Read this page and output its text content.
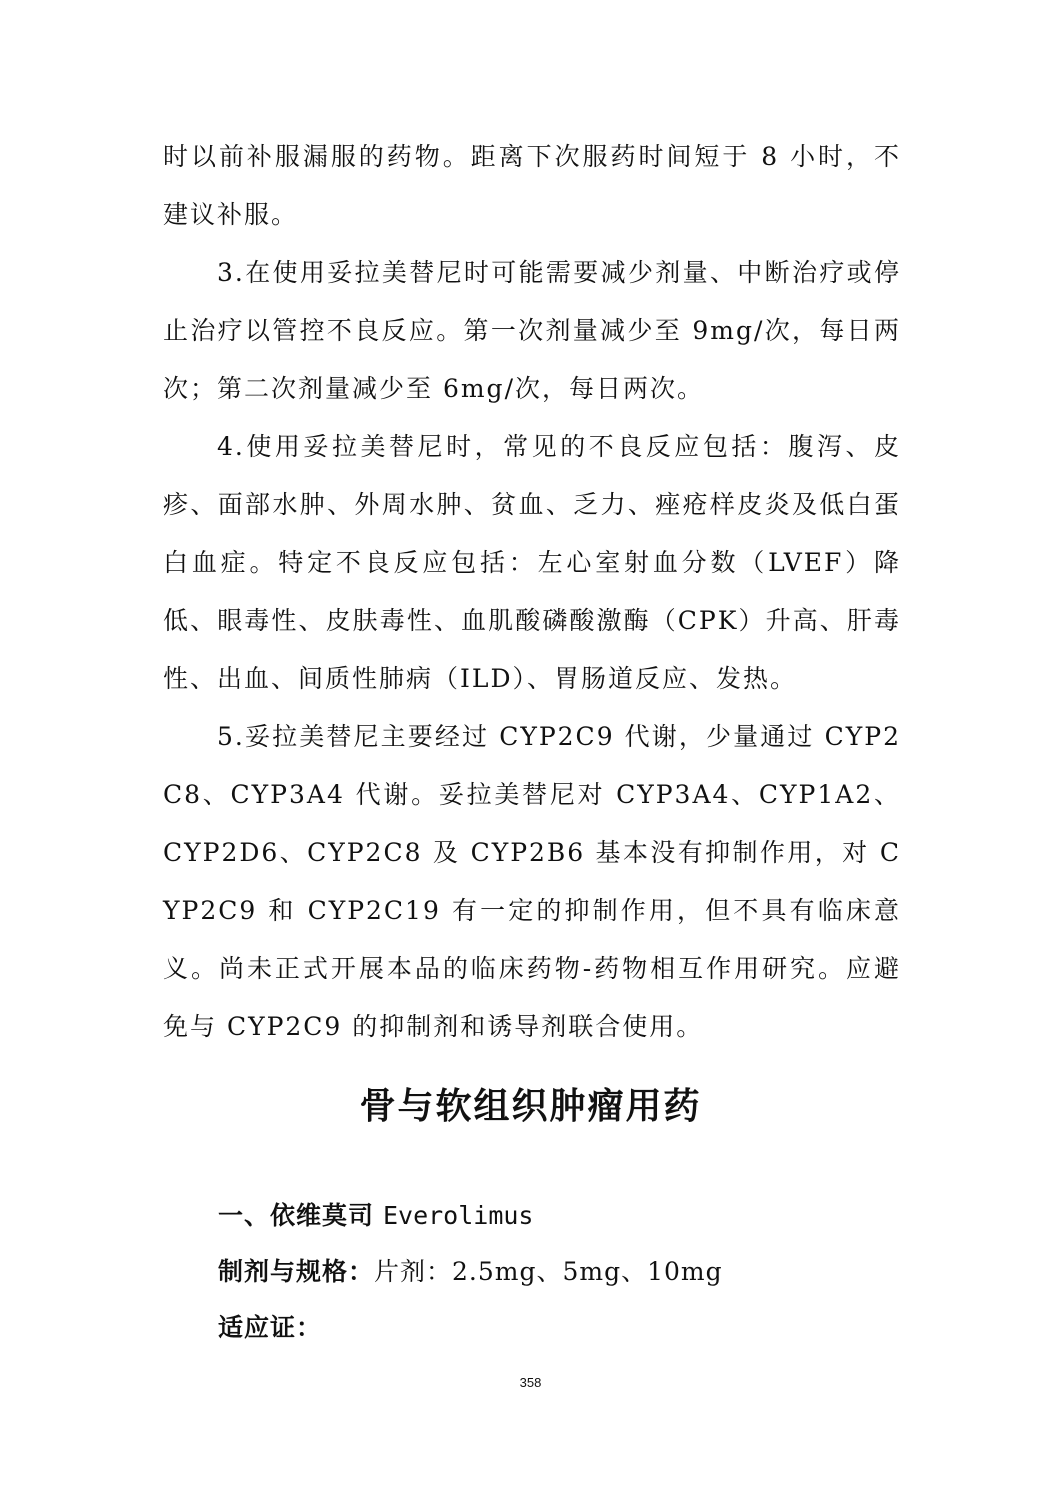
时以前补服漏服的药物。距离下次服药时间短于 8 小时，不建议补服。

3.在使用妥拉美替尼时可能需要减少剂量、中断治疗或停止治疗以管控不良反应。第一次剂量减少至 9mg/次，每日两次；第二次剂量减少至 6mg/次，每日两次。

4.使用妥拉美替尼时，常见的不良反应包括：腹泻、皮疹、面部水肿、外周水肿、贫血、乏力、痤疮样皮炎及低白蛋白血症。特定不良反应包括：左心室射血分数（LVEF）降低、眼毒性、皮肤毒性、血肌酸磷酸激酶（CPK）升高、肝毒性、出血、间质性肺病（ILD）、胃肠道反应、发热。

5.妥拉美替尼主要经过 CYP2C9 代谢，少量通过 CYP2C8、CYP3A4 代谢。妥拉美替尼对 CYP3A4、CYP1A2、CYP2D6、CYP2C8 及 CYP2B6 基本没有抑制作用，对 CYP2C9 和 CYP2C19 有一定的抑制作用，但不具有临床意义。尚未正式开展本品的临床药物-药物相互作用研究。应避免与 CYP2C9 的抑制剂和诱导剂联合使用。

骨与软组织肿瘤用药

一、依维莫司 Everolimus

制剂与规格：片剂：2.5mg、5mg、10mg

适应证：

358
